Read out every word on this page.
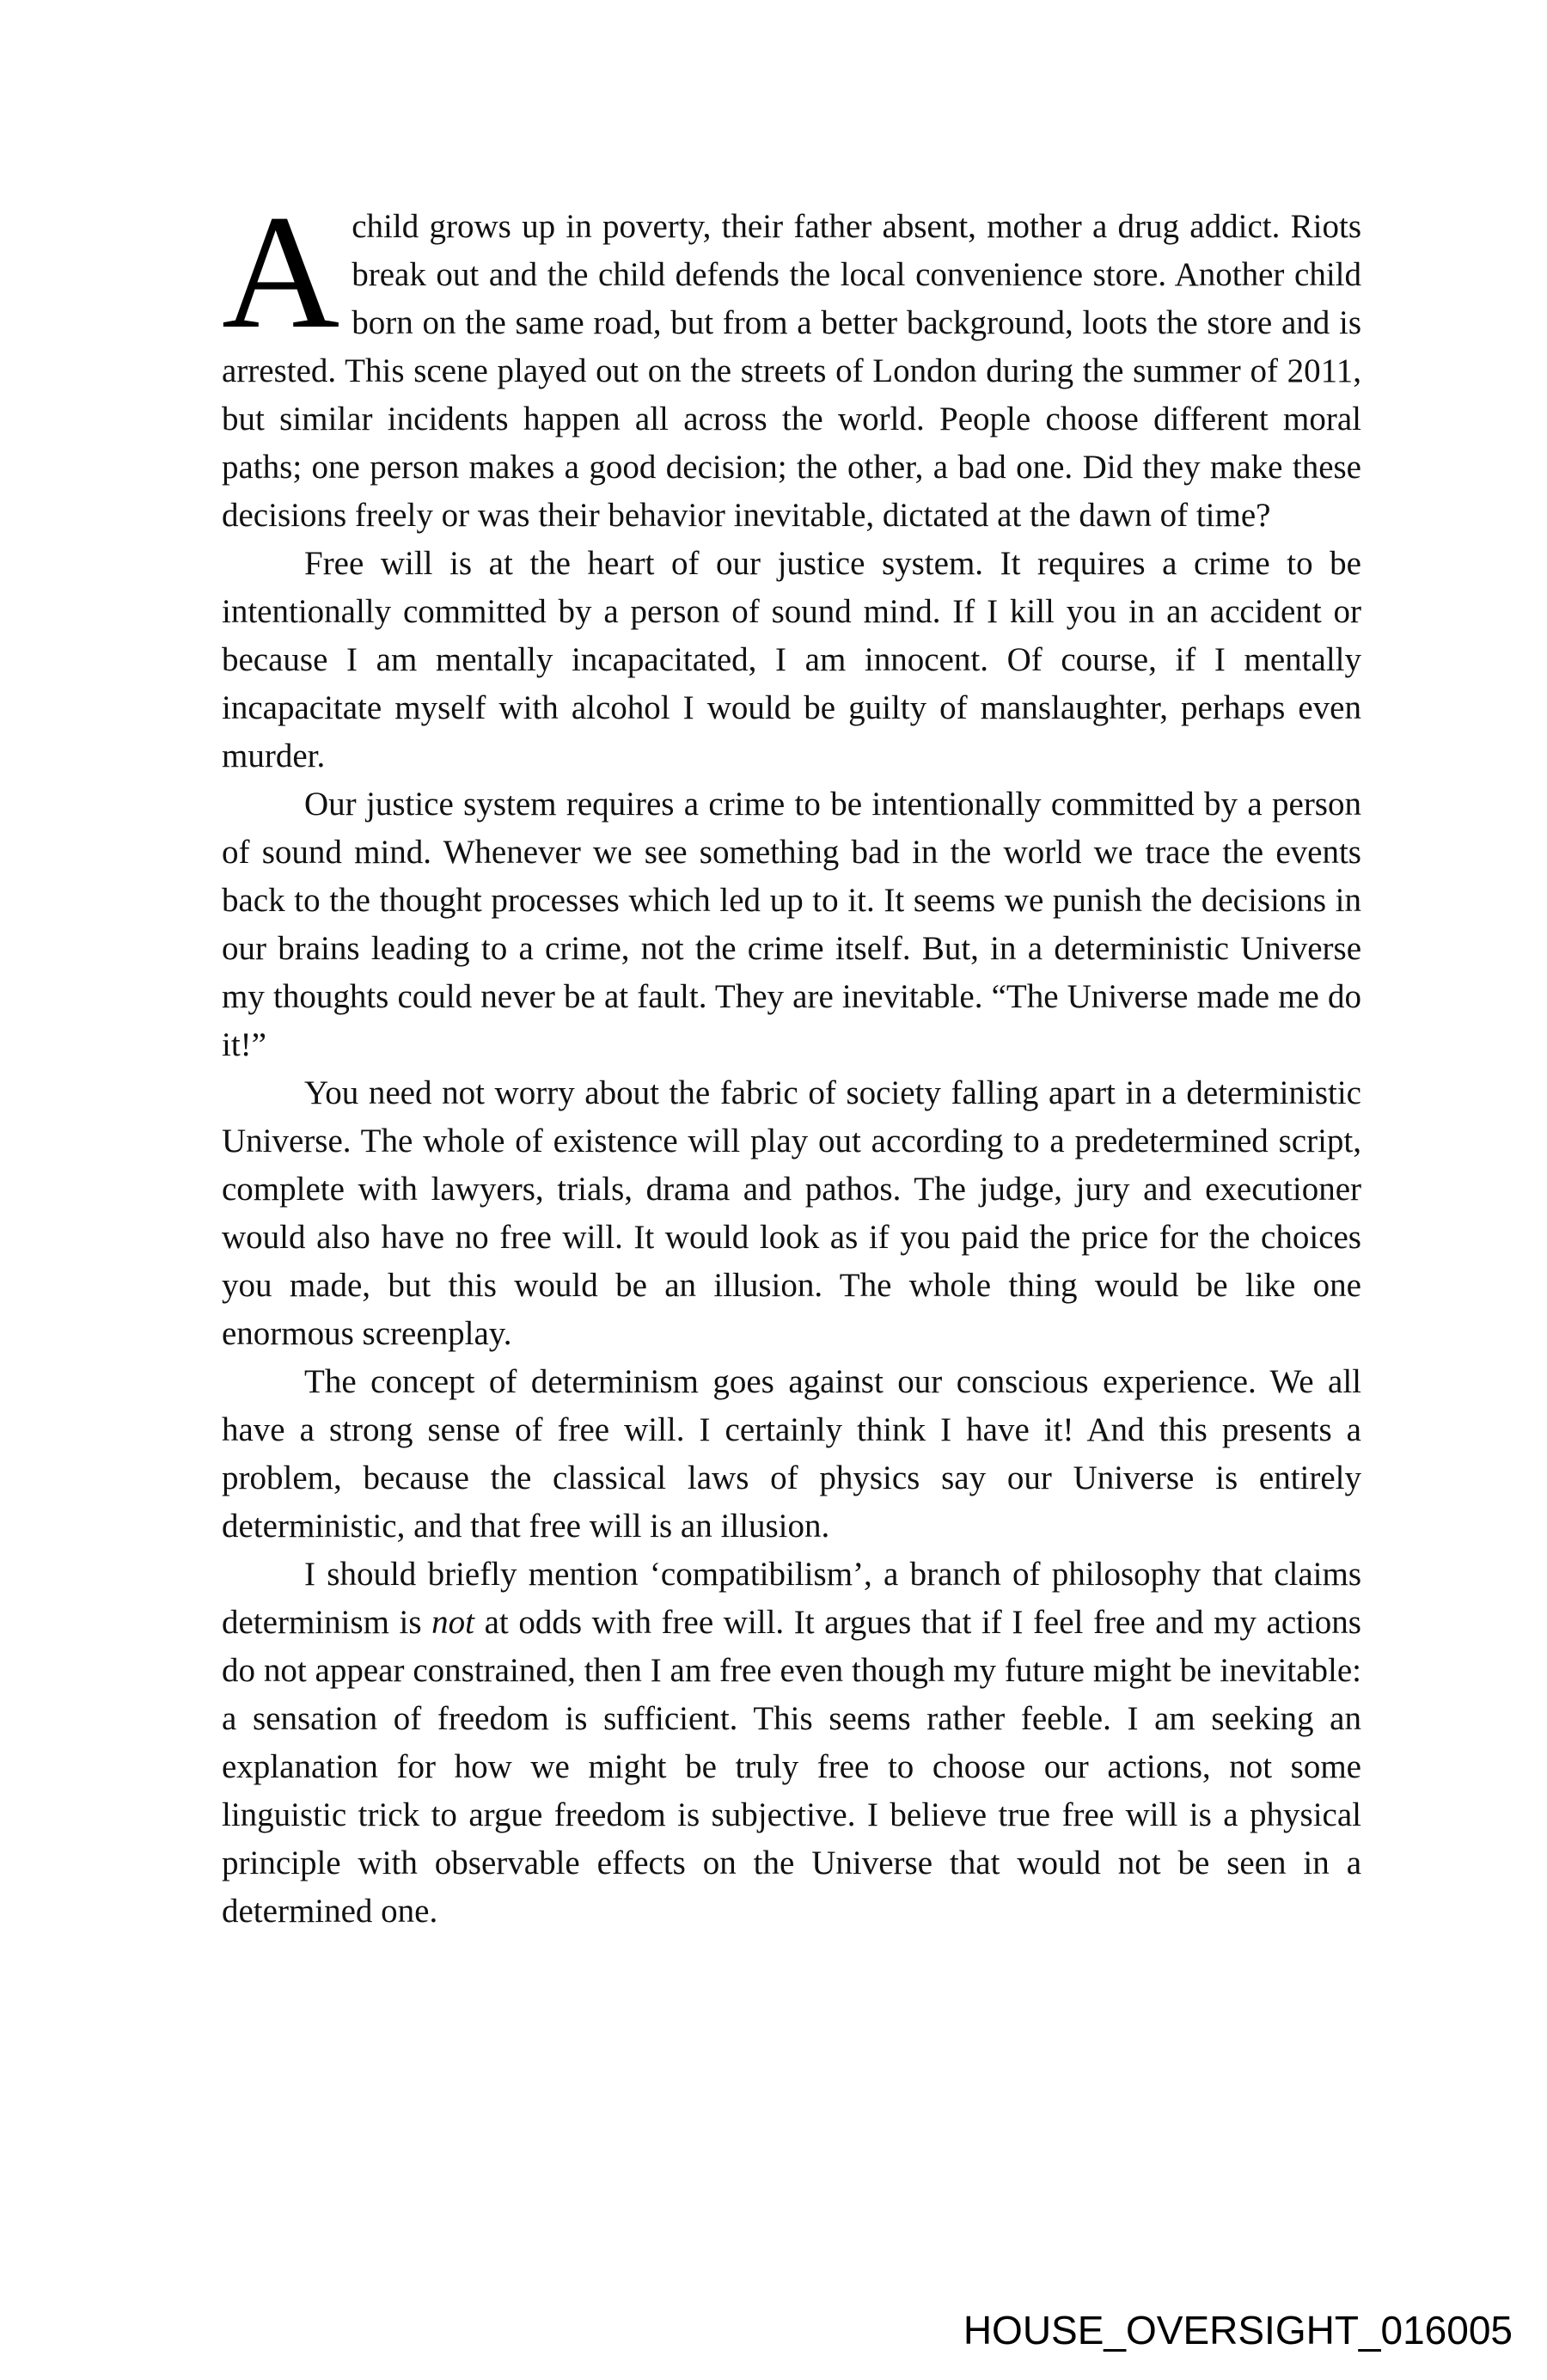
A child grows up in poverty, their father absent, mother a drug addict. Riots break out and the child defends the local convenience store. Another child born on the same road, but from a better background, loots the store and is arrested. This scene played out on the streets of London during the summer of 2011, but similar incidents happen all across the world. People choose different moral paths; one person makes a good decision; the other, a bad one. Did they make these decisions freely or was their behavior inevitable, dictated at the dawn of time?

Free will is at the heart of our justice system. It requires a crime to be intentionally committed by a person of sound mind. If I kill you in an accident or because I am mentally incapacitated, I am innocent. Of course, if I mentally incapacitate myself with alcohol I would be guilty of manslaughter, perhaps even murder.

Our justice system requires a crime to be intentionally committed by a person of sound mind. Whenever we see something bad in the world we trace the events back to the thought processes which led up to it. It seems we punish the decisions in our brains leading to a crime, not the crime itself. But, in a deterministic Universe my thoughts could never be at fault. They are inevitable. “The Universe made me do it!”

You need not worry about the fabric of society falling apart in a deterministic Universe. The whole of existence will play out according to a predetermined script, complete with lawyers, trials, drama and pathos. The judge, jury and executioner would also have no free will. It would look as if you paid the price for the choices you made, but this would be an illusion. The whole thing would be like one enormous screenplay.

The concept of determinism goes against our conscious experience. We all have a strong sense of free will. I certainly think I have it! And this presents a problem, because the classical laws of physics say our Universe is entirely deterministic, and that free will is an illusion.

I should briefly mention ‘compatibilism’, a branch of philosophy that claims determinism is not at odds with free will. It argues that if I feel free and my actions do not appear constrained, then I am free even though my future might be inevitable: a sensation of freedom is sufficient. This seems rather feeble. I am seeking an explanation for how we might be truly free to choose our actions, not some linguistic trick to argue freedom is subjective. I believe true free will is a physical principle with observable effects on the Universe that would not be seen in a determined one.

HOUSE_OVERSIGHT_016005
